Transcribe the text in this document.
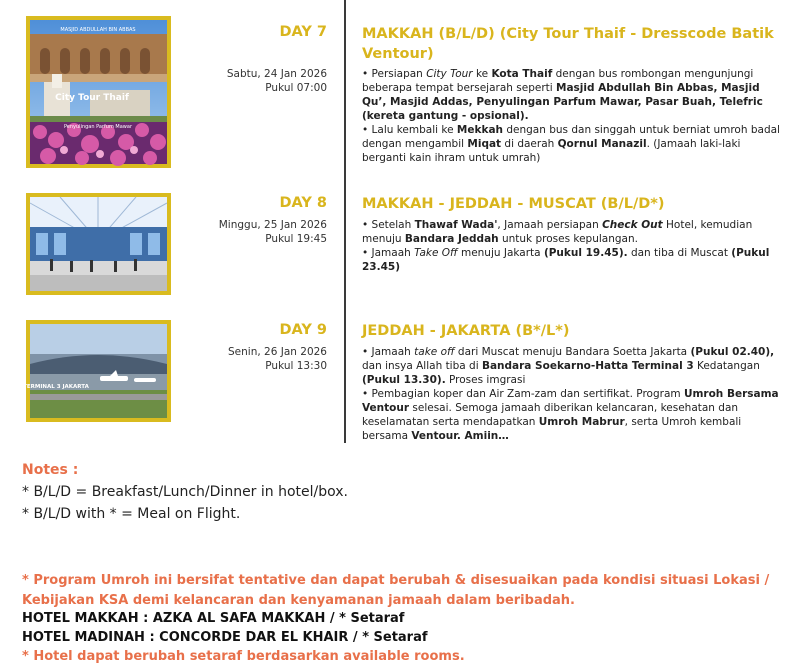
MASJID ABDULLAH BIN ABBAS
City Tour Thaif
Penyulingan Parfum Mawar
DAY 7
Sabtu, 24 Jan 2026
Pukul 07:00
MAKKAH (B/L/D) (City Tour Thaif - Dresscode Batik Ventour)

• Persiapan City Tour ke Kota Thaif dengan bus rombongan mengunjungi beberapa tempat bersejarah seperti Masjid Abdullah Bin Abbas, Masjid Qu’, Masjid Addas, Penyulingan Parfum Mawar, Pasar Buah, Telefric (kereta gantung - opsional).

• Lalu kembali ke Mekkah dengan bus dan singgah untuk berniat umroh badal dengan mengambil Miqat di daerah Qornul Manazil. (Jamaah laki-laki berganti kain ihram untuk umrah)

DAY 8
Minggu, 25 Jan 2026
Pukul 19:45
MAKKAH - JEDDAH - MUSCAT (B/L/D*)

• Setelah Thawaf Wada', Jamaah persiapan Check Out Hotel, kemudian menuju Bandara Jeddah untuk proses kepulangan.

• Jamaah Take Off menuju Jakarta (Pukul 19.45). dan tiba di Muscat (Pukul 23.45)

TERMINAL 3 JAKARTA
DAY 9
Senin, 26 Jan 2026
Pukul 13:30
JEDDAH - JAKARTA (B*/L*)

• Jamaah take off dari Muscat menuju Bandara Soetta Jakarta (Pukul 02.40), dan insya Allah tiba di Bandara Soekarno-Hatta Terminal 3 Kedatangan (Pukul 13.30). Proses imgrasi

• Pembagian koper dan Air Zam-zam dan sertifikat. Program Umroh Bersama Ventour selesai. Semoga jamaah diberikan kelancaran, kesehatan dan keselamatan serta mendapatkan Umroh Mabrur, serta Umroh kembali bersama Ventour. Amiin…

Notes :
* B/L/D = Breakfast/Lunch/Dinner in hotel/box.
* B/L/D with * = Meal on Flight.
* Program Umroh ini bersifat tentative dan dapat berubah & disesuaikan pada kondisi situasi Lokasi / Kebijakan KSA demi kelancaran dan kenyamanan jamaah dalam beribadah.
HOTEL MAKKAH : AZKA AL SAFA MAKKAH / * Setaraf
HOTEL MADINAH : CONCORDE DAR EL KHAIR / * Setaraf
* Hotel dapat berubah setaraf berdasarkan available rooms.
